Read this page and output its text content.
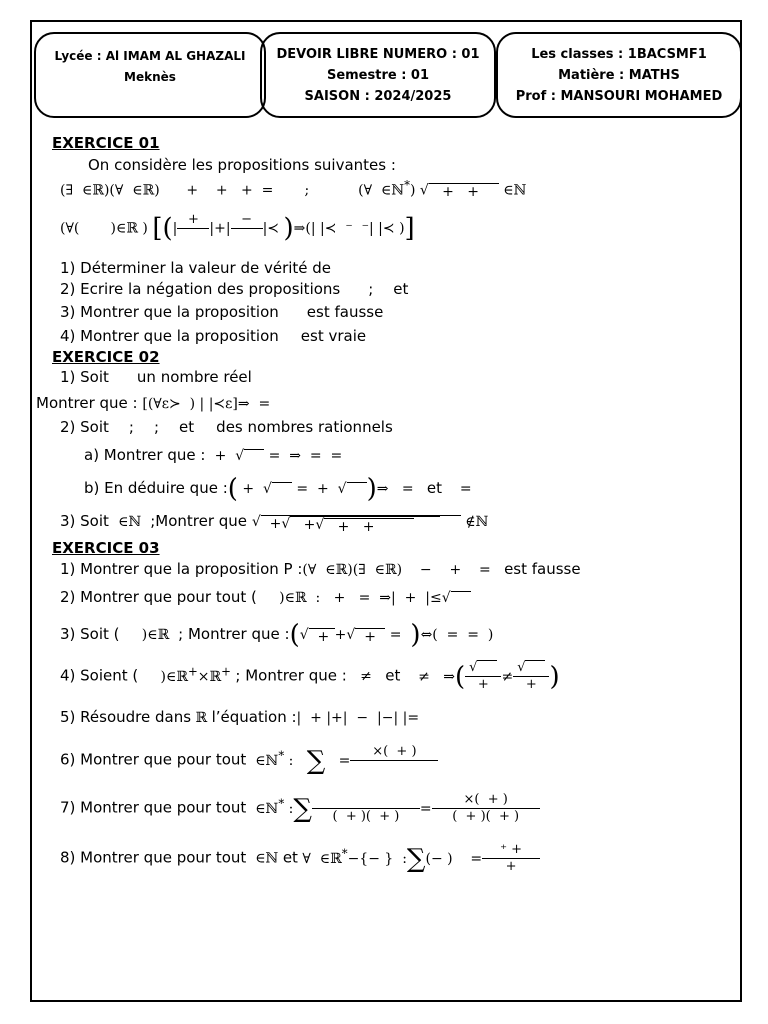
Lycée : Al IMAM AL GHAZALI
Meknès
DEVOIR LIBRE NUMERO : 01
Semestre : 01
SAISON : 2024/2025
Les classes : 1BACSMF1
Matière : MATHS
Prof : MANSOURI MOHAMED
EXERCICE 01
On considère les propositions suivantes :
(∃  ∈ℝ)(∀  ∈ℝ)      +    +   +  =       ;           (∀  ∈ℕ*) √   +   + ∈ℕ
(∀(       )∈ℝ ) [(|
+

|+|
−

|≺ )⇒(| |≺  ⁻  ⁻| |≺ )]
1) Déterminer la valeur de vérité de
2) Ecrire la négation des propositions ; et
3) Montrer que la proposition est fausse
4) Montrer que la proposition est vraie
EXERCICE 02
1) Soit un nombre réel
Montrer que : [(∀ε≻  ) | |≺ε]⇒  =
2) Soit ; ; et des nombres rationnels
a) Montrer que :  +  √ =  ⇒  =  =
b) En déduire que :( +  √ =  +  √ )⇒   =   et    =
3) Soit  ∈ℕ  ;Montrer que √  +√   +√   +   +	∉ℕ
EXERCICE 03
1) Montrer que la proposition P :(∀  ∈ℝ)(∃  ∈ℝ)    −    +    =   est fausse
2) Montrer que pour tout (     )∈ℝ  :   +   =  ⇒|  +  |≤√
3) Soit (     )∈ℝ  ; Montrer que :(√  + +√  + =  )⇔(  =  =  )
4) Soient (     )∈ℝ+×ℝ+ ; Montrer que :   ≠   et    ≠   ⇒( $\frac{√}{+} \ne \frac{√}{+}$ )
5) Résoudre dans ℝ l’équation :|  + |+|  −  |−| |=
6) Montrer que pour tout  ∈ℕ* :   ∑   =
×(  + )

7) Montrer que pour tout  ∈ℕ* :∑
	(  + )(  + )	= $\frac{\times( + )}{( + )( + )}$
8) Montrer que pour tout  ∈ℕ et ∀  ∈ℝ*−{− }  :∑(− )    = $\frac{^+ +}{+}$
